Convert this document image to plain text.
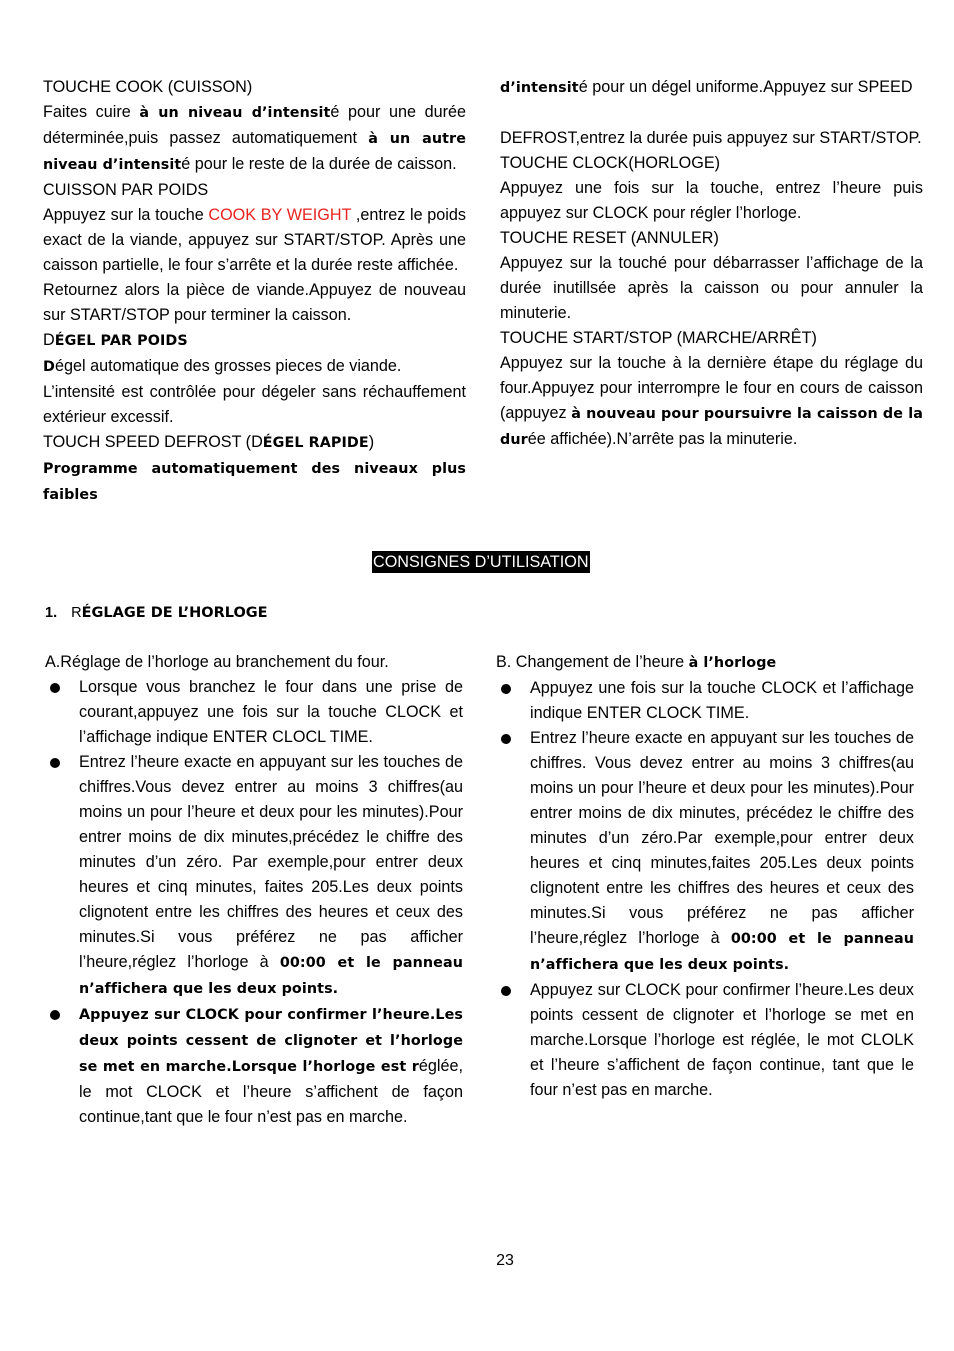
TOUCHE COOK (CUISSON)

Faites cuire à un niveau d’intensité pour une durée déterminée,puis passez automatiquement à un autre niveau d’intensité pour le reste de la durée de caisson.

CUISSON PAR POIDS

Appuyez sur la touche COOK BY WEIGHT ,entrez le poids exact de la viande, appuyez sur START/STOP. Après une caisson partielle, le four s’arrête et la durée reste affichée.

Retournez alors la pièce de viande.Appuyez de nouveau sur START/STOP pour terminer la caisson.

DÉGEL PAR POIDS

Dégel automatique des grosses pieces de viande.

L’intensité est contrôlée pour dégeler sans réchauffement extérieur excessif.

TOUCH SPEED DEFROST (DÉGEL RAPIDE)

Programme automatiquement des niveaux plus faibles

d’intensité pour un dégel uniforme.Appuyez sur SPEED

DEFROST,entrez la durée puis appuyez sur START/STOP.

TOUCHE CLOCK(HORLOGE)

Appuyez une fois sur la touche, entrez l’heure puis appuyez sur CLOCK pour régler l’horloge.

TOUCHE RESET (ANNULER)

Appuyez sur la touché pour débarrasser l’affichage de la durée inutillsée après la caisson ou pour annuler la minuterie.

TOUCHE START/STOP (MARCHE/ARRÊT)

Appuyez sur la touche à la dernière étape du réglage du four.Appuyez pour interrompre le four en cours de caisson (appuyez à nouveau pour poursuivre la caisson de la durée affichée).N’arrête pas la minuterie.

CONSIGNES D’UTILISATION
1. RÉGLAGE DE L’HORLOGE

A.Réglage de l’horloge au branchement du four.

Lorsque vous branchez le four dans une prise de courant,appuyez une fois sur la touche CLOCK et l’affichage indique ENTER CLOCL TIME.
Entrez l’heure exacte en appuyant sur les touches de chiffres.Vous devez entrer au moins 3 chiffres(au moins un pour l’heure et deux pour les minutes).Pour entrer moins de dix minutes,précédez le chiffre des minutes d’un zéro. Par exemple,pour entrer deux heures et cinq minutes, faites 205.Les deux points clignotent entre les chiffres des heures et ceux des minutes.Si vous préférez ne pas afficher l’heure,réglez l’horloge à 00:00 et le panneau n’affichera que les deux points.
Appuyez sur CLOCK pour confirmer l’heure.Les deux points cessent de clignoter et l’horloge se met en marche.Lorsque l’horloge est réglée, le mot CLOCK et l’heure s’affichent de façon continue,tant que le four n’est pas en marche.

B. Changement de l’heure à l’horloge

Appuyez une fois sur la touche CLOCK et l’affichage indique ENTER CLOCK TIME.
Entrez l’heure exacte en appuyant sur les touches de chiffres. Vous devez entrer au moins 3 chiffres(au moins un pour l’heure et deux pour les minutes).Pour entrer moins de dix minutes, précédez le chiffre des minutes d’un zéro.Par exemple,pour entrer deux heures et cinq minutes,faites 205.Les deux points clignotent entre les chiffres des heures et ceux des minutes.Si vous préférez ne pas afficher l’heure,réglez l’horloge à 00:00 et le panneau n’affichera que les deux points.
Appuyez sur CLOCK pour confirmer l’heure.Les deux points cessent de clignoter et l’horloge se met en marche.Lorsque l’horloge est réglée, le mot CLOLK et l’heure s’affichent de façon continue, tant que le four n’est pas en marche.
23
